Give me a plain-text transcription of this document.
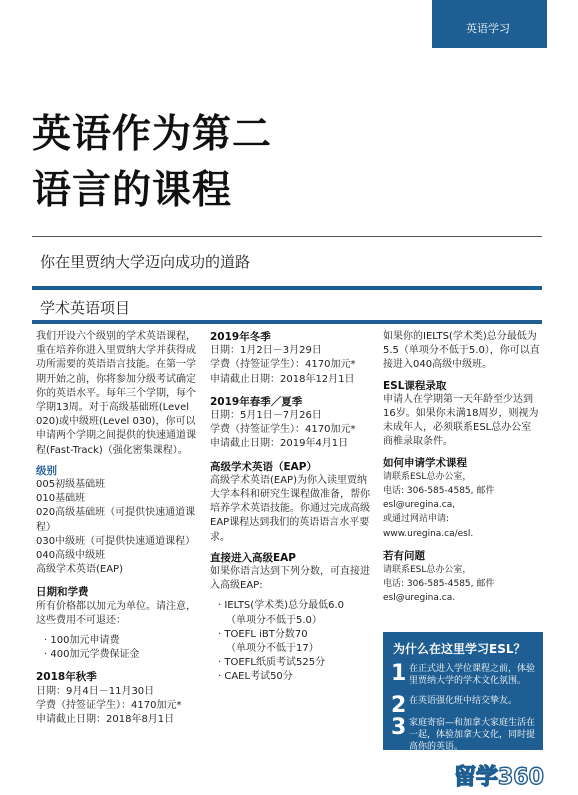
英语学习
英语作为第二
语言的课程
你在里贾纳大学迈向成功的道路
学术英语项目

我们开设六个级别的学术英语课程，重在培养你进入里贾纳大学并获得成功所需要的英语语言技能。在第一学期开始之前，你将参加分级考试确定你的英语水平。每年三个学期，每个学期13周。对于高级基础班(Level 020)或中级班(Level 030)，你可以申请两个学期之间提供的快速通道课程(Fast-Track)（强化密集课程）。

级别
005初级基础班
010基础班
020高级基础班（可提供快速通道课程）
030中级班（可提供快速通道课程）
040高级中级班
高级学术英语(EAP)
日期和学费

所有价格都以加元为单位。请注意，这些费用不可退还：

· 100加元申请费
· 400加元学费保证金
2018年秋季
日期：9月4日－11月30日
学费（持签证学生）：4170加元*
申请截止日期：2018年8月1日
2019年冬季
日期：1月2日－3月29日
学费（持签证学生）：4170加元*
申请截止日期：2018年12月1日
2019年春季／夏季
日期：5月1日－7月26日
学费（持签证学生）：4170加元*
申请截止日期：2019年4月1日
高级学术英语（EAP）

高级学术英语(EAP)为你入读里贾纳大学本科和研究生课程做准备，帮你培养学术英语技能。你通过完成高级EAP课程达到我们的英语语言水平要求。

直接进入高级EAP

如果你语言达到下列分数，可直接进入高级EAP:

· IELTS(学术类)总分最低6.0
（单项分不低于5.0）
· TOEFL iBT分数70
（单项分不低于17）
· TOEFL纸质考试525分
· CAEL考试50分

如果你的IELTS(学术类)总分最低为5.5（单项分不低于5.0），你可以直接进入040高级中级班。

ESL课程录取

申请人在学期第一天年龄至少达到16岁。如果你未满18周岁，则视为未成年人，必须联系ESL总办公室商椎录取条件。

如何申请学术课程
请联系ESL总办公室，
电话: 306-585-4585, 邮件esl@uregina.ca,
或通过网站申请: www.uregina.ca/esl.
若有问题
请联系ESL总办公室，
电话: 306-585-4585, 邮件esl@uregina.ca.
为什么在这里学习ESL？
1 在正式进入学位课程之前，体验里贾纳大学的学术文化氛围。
2 在英语强化班中结交挚友。
3 家庭寄宿—和加拿大家庭生活在一起，体验加拿大文化，同时提高你的英语。
留学360
